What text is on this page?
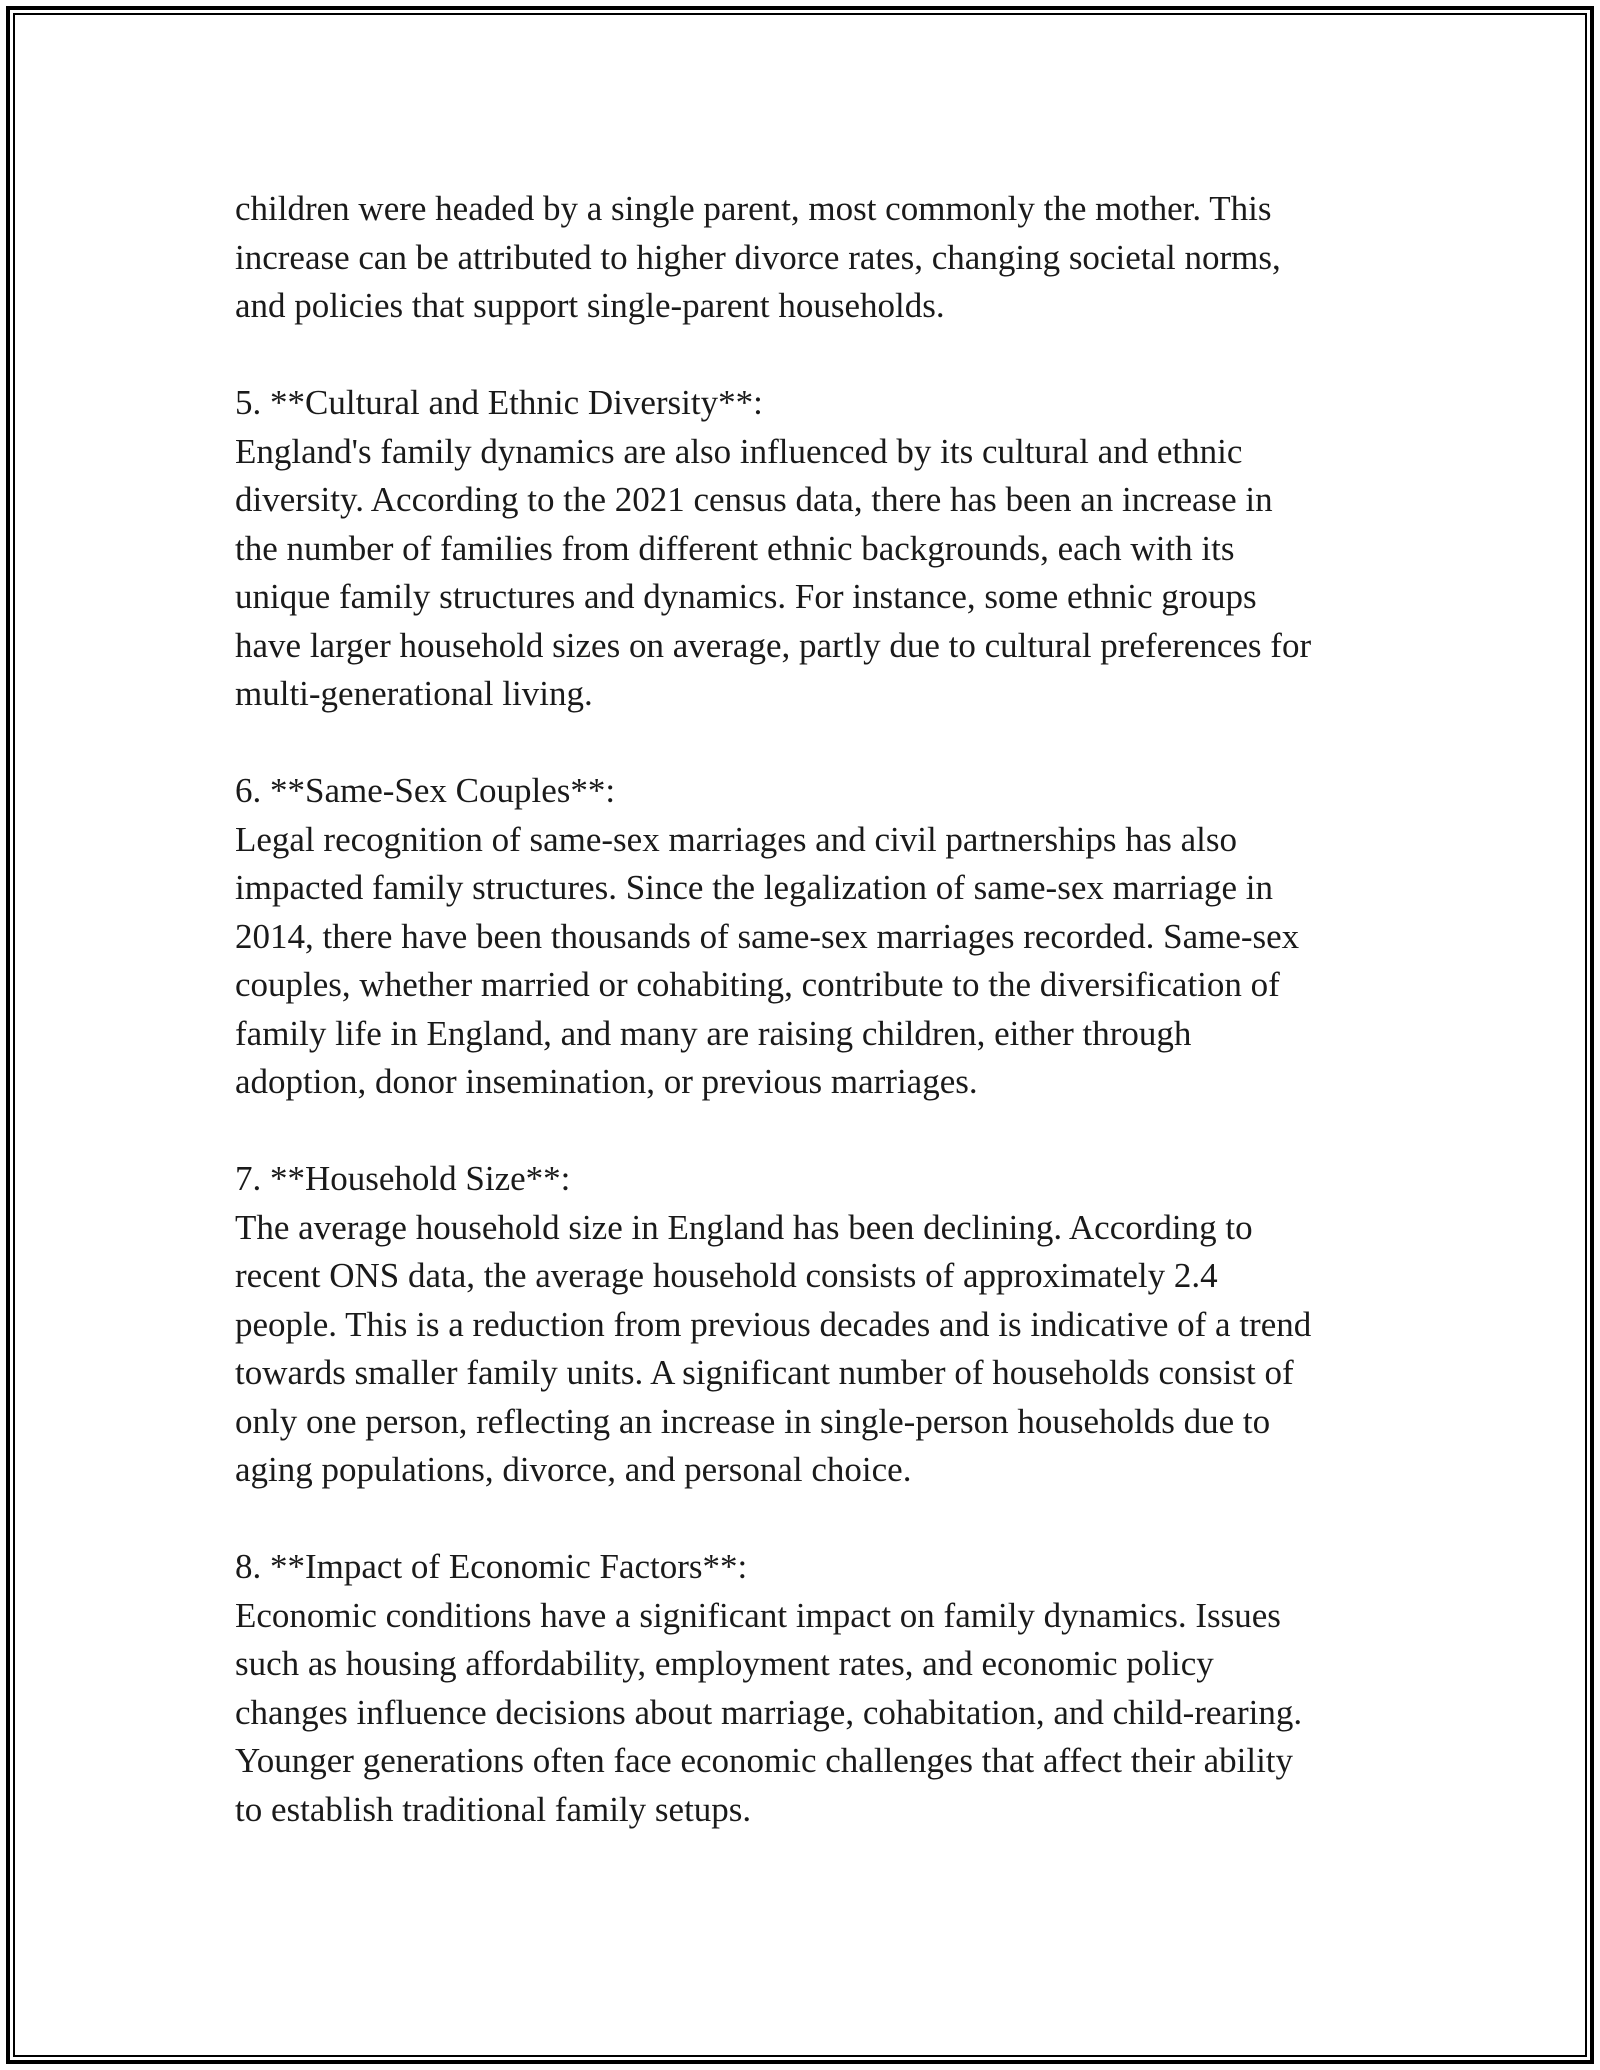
children were headed by a single parent, most commonly the mother. This
increase can be attributed to higher divorce rates, changing societal norms,
and policies that support single-parent households.

5. **Cultural and Ethnic Diversity**:

England's family dynamics are also influenced by its cultural and ethnic
diversity. According to the 2021 census data, there has been an increase in
the number of families from different ethnic backgrounds, each with its
unique family structures and dynamics. For instance, some ethnic groups
have larger household sizes on average, partly due to cultural preferences for
multi-generational living.

6. **Same-Sex Couples**:

Legal recognition of same-sex marriages and civil partnerships has also
impacted family structures. Since the legalization of same-sex marriage in
2014, there have been thousands of same-sex marriages recorded. Same-sex
couples, whether married or cohabiting, contribute to the diversification of
family life in England, and many are raising children, either through
adoption, donor insemination, or previous marriages.

7. **Household Size**:

The average household size in England has been declining. According to
recent ONS data, the average household consists of approximately 2.4
people. This is a reduction from previous decades and is indicative of a trend
towards smaller family units. A significant number of households consist of
only one person, reflecting an increase in single-person households due to
aging populations, divorce, and personal choice.

8. **Impact of Economic Factors**:

Economic conditions have a significant impact on family dynamics. Issues
such as housing affordability, employment rates, and economic policy
changes influence decisions about marriage, cohabitation, and child-rearing.
Younger generations often face economic challenges that affect their ability
to establish traditional family setups.
